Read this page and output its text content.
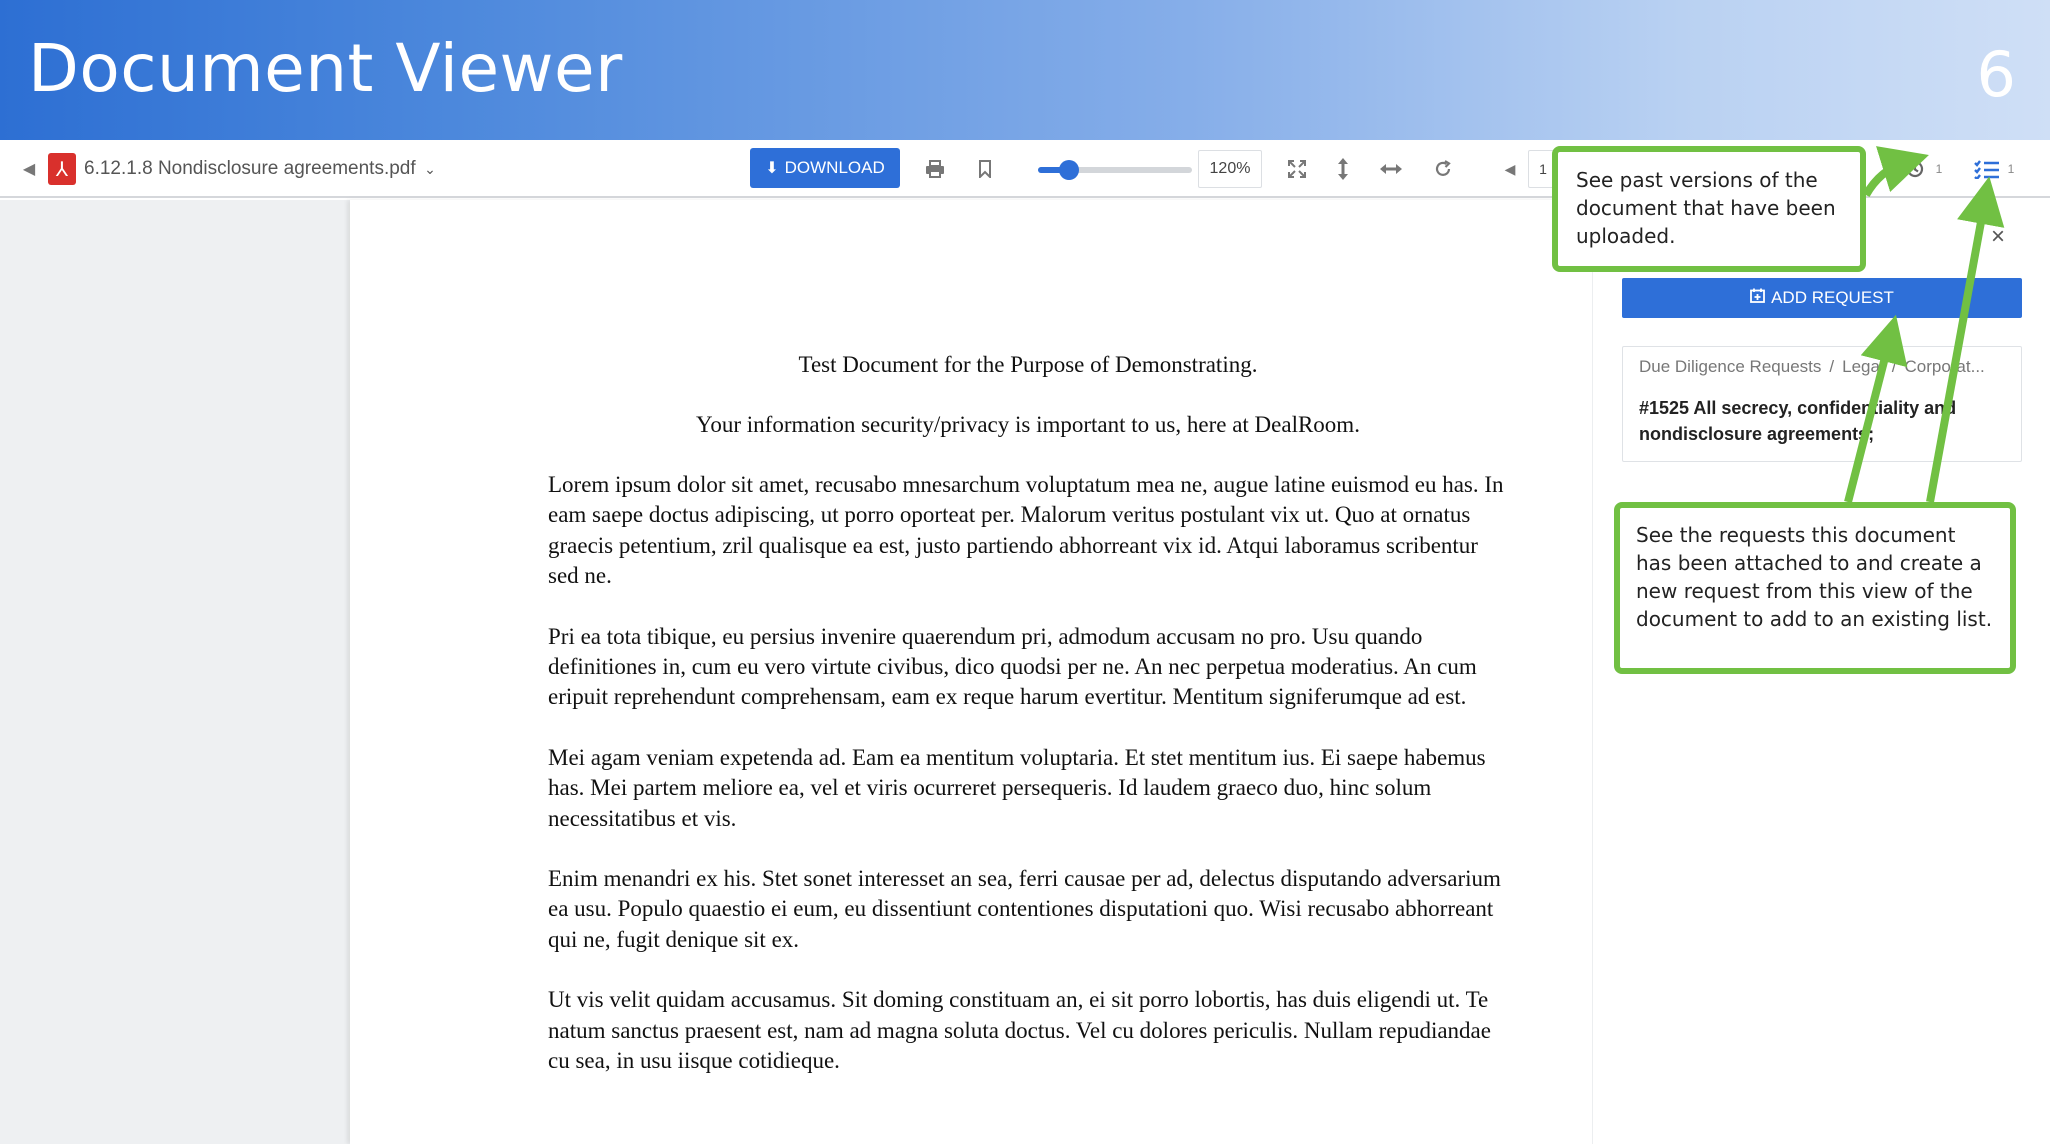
Document Viewer	6
◀	⅄ 6.12.1.8 Nondisclosure agreements.pdf ⌄	⬇ DOWNLOAD	120%	◀	1	1	1
Test Document for the Purpose of Demonstrating.
Your information security/privacy is important to us, here at DealRoom.

Lorem ipsum dolor sit amet, recusabo mnesarchum voluptatum mea ne, augue latine euismod eu has. In eam saepe doctus adipiscing, ut porro oporteat per. Malorum veritus postulant vix ut. Quo at ornatus graecis petentium, zril qualisque ea est, justo partiendo abhorreant vix id. Atqui laboramus scribentur sed ne.

Pri ea tota tibique, eu persius invenire quaerendum pri, admodum accusam no pro. Usu quando definitiones in, cum eu vero virtute civibus, dico quodsi per ne. An nec perpetua moderatius. An cum eripuit reprehendunt comprehensam, eam ex reque harum evertitur. Mentitum signiferumque ad est.

Mei agam veniam expetenda ad. Eam ea mentitum voluptaria. Et stet mentitum ius. Ei saepe habemus has. Mei partem meliore ea, vel et viris ocurreret persequeris. Id laudem graeco duo, hinc solum necessitatibus et vis.

Enim menandri ex his. Stet sonet interesset an sea, ferri causae per ad, delectus disputando adversarium ea usu. Populo quaestio ei eum, eu dissentiunt contentiones disputationi quo. Wisi recusabo abhorreant qui ne, fugit denique sit ex.

Ut vis velit quidam accusamus. Sit doming constituam an, ei sit porro lobortis, has duis eligendi ut. Te natum sanctus praesent est, nam ad magna soluta doctus. Vel cu dolores periculis. Nullam repudiandae cu sea, in usu iisque cotidieque.

×
ADD REQUEST
Due Diligence Requests / Legal / Corporat...
#1525 All secrecy, confidentiality and nondisclosure agreements;
See past versions of the document that have been uploaded.
See the requests this document has been attached to and create a new request from this view of the document to add to an existing list.
